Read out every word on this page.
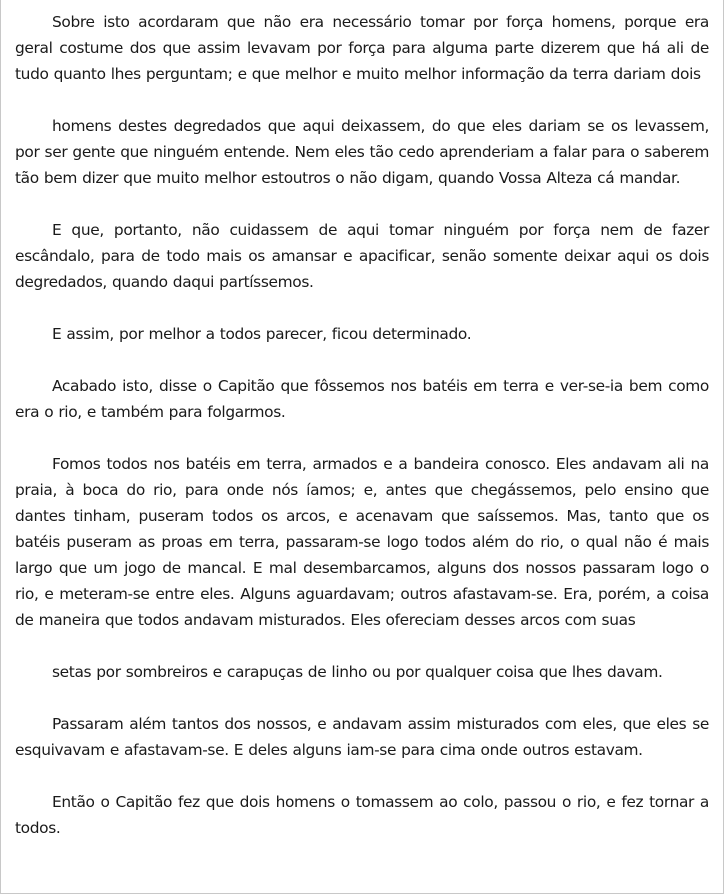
Sobre isto acordaram que não era necessário tomar por força homens, porque era geral costume dos que assim levavam por força para alguma parte dizerem que há ali de tudo quanto lhes perguntam; e que melhor e muito melhor informação da terra dariam dois

homens destes degredados que aqui deixassem, do que eles dariam se os levassem, por ser gente que ninguém entende. Nem eles tão cedo aprenderiam a falar para o saberem tão bem dizer que muito melhor estoutros o não digam, quando Vossa Alteza cá mandar.

E que, portanto, não cuidassem de aqui tomar ninguém por força nem de fazer escândalo, para de todo mais os amansar e apacificar, senão somente deixar aqui os dois degredados, quando daqui partíssemos.

E assim, por melhor a todos parecer, ficou determinado.

Acabado isto, disse o Capitão que fôssemos nos batéis em terra e ver-se-ia bem como era o rio, e também para folgarmos.

Fomos todos nos batéis em terra, armados e a bandeira conosco. Eles andavam ali na praia, à boca do rio, para onde nós íamos; e, antes que chegássemos, pelo ensino que dantes tinham, puseram todos os arcos, e acenavam que saíssemos. Mas, tanto que os batéis puseram as proas em terra, passaram-se logo todos além do rio, o qual não é mais largo que um jogo de mancal. E mal desembarcamos, alguns dos nossos passaram logo o rio, e meteram-se entre eles. Alguns aguardavam; outros afastavam-se. Era, porém, a coisa de maneira que todos andavam misturados. Eles ofereciam desses arcos com suas

setas por sombreiros e carapuças de linho ou por qualquer coisa que lhes davam.

Passaram além tantos dos nossos, e andavam assim misturados com eles, que eles se esquivavam e afastavam-se. E deles alguns iam-se para cima onde outros estavam.

Então o Capitão fez que dois homens o tomassem ao colo, passou o rio, e fez tornar a todos.
